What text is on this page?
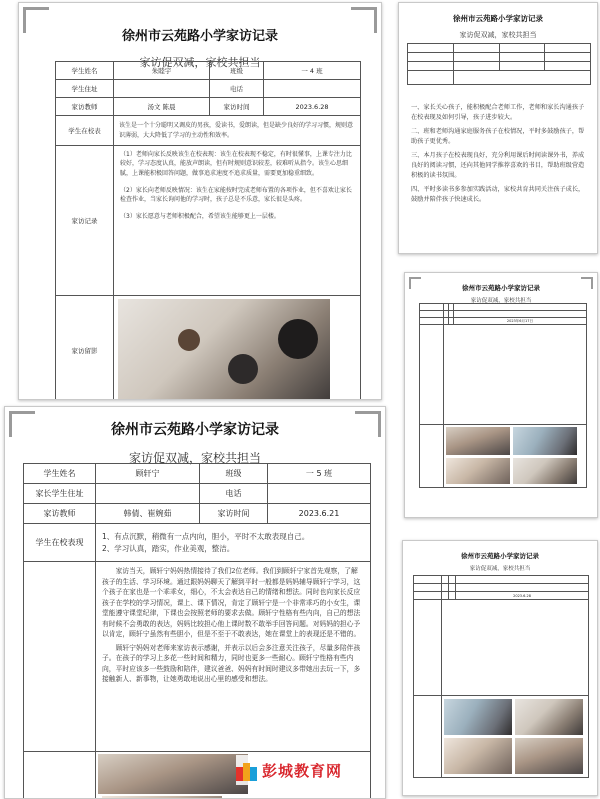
徐州市云苑路小学家访记录
家访促双减，家校共担当
学生姓名	朱睦宇	班级	一 4 班
学生住址		电话	
家访教师	汤文 陈晨	家访时间	2023.6.28
学生在校表	该生是一个十分聪明又调皮的男孩，爱读书，爱朗读，但是缺少良好的学习习惯，规则意识薄弱，大大降低了学习的主动性和效率。		
家访记录	（1）老师向家长反映该生在校表现：该生在校表现不稳定，有时很懂事，上课专注力比较好，学习态度认真，能放声朗读，但有时规则意识较差，较难听从指令。该生心思细腻，上课能积极回答问题，做事追求速度不追求质量，需要更加稳重细致。

（2）家长向老师反映情况：该生在家能按时完成老师布置的各项作业，但不喜欢让家长检查作业，当家长询问他的学习时，孩子总是不乐意，家长很是头疼。

（3）家长愿意与老师积极配合，希望该生能够更上一层楼。		

家访留影			
徐州市云苑路小学家访记录
家访促双减，家校共担当

一、家长关心孩子，能积极配合老师工作，老师和家长沟通孩子在校表现及如何引导，孩子进步较大。

二、班和老师沟通家庭服务孩子在校情况，平时多鼓励孩子，帮助孩子更优秀。

三、本月孩子在校表现良好，充分利用课后时间读课外书，养成良好的阅读习惯，还向其他同学推荐喜欢的书目，帮助班级营造积极的读书氛围。

四、平时多读书多参加实践活动，家校共育共同关注孩子成长，鼓励并陪伴孩子快速成长。

徐州市云苑路小学家访记录
家访促双减，家校共担当

			2023年6月17日

徐州市云苑路小学家访记录
家访促双减，家校共担当
学生姓名	顾轩宁	班级	一 5 班
家长学生住址		电话	
家访教师	韩倩、崔婉茹	家访时间	2023.6.21
学生在校表现	1、有点沉默，稍微有一点内向，胆小，平时不太敢表现自己。

2、学习认真，踏实，作业美观，整洁。		

	家访当天，顾轩宁妈妈热情接待了我们2位老师。我们到顾轩宁家首先观察，了解孩子的生活、学习环境。通过跟妈妈聊天了解到平时一般都是妈妈辅导顾轩宁学习，这个孩子在家也是一个乖乖女，细心，不太会表达自己的情绪和想法。同时也向家长反应孩子在学校的学习情况，课上、课下情况，肯定了顾轩宁是一个非常乖巧的小女生，课堂能遵守课堂纪律，下课也会按照老师的要求去做。顾轩宁性格有些内向，自己的想法有时候不会勇敢的表达，妈妈比较担心他上课时数不敢举手回答问题。对妈妈的担心予以肯定，顾轩宁虽然有些胆小，但是不至于不敢表达，她在课堂上的表现还是不错的。

顾轩宁妈妈对老师来家访表示感谢，并表示以后会多注意关注孩子，尽量多陪伴孩子。在孩子的学习上多花一些时间和精力，同时也更多一些耐心。顾轩宁性格有些内向，平时应该多一些鼓励和陪伴，建议爸爸、妈妈有时间时建议多带她出去玩一下，多接触新人、新事物，让她勇敢地说出心里的感受和想法。		

徐州市云苑路小学家访记录
家访促双减，家校共担当

			2023.6.28

彭城教育网
